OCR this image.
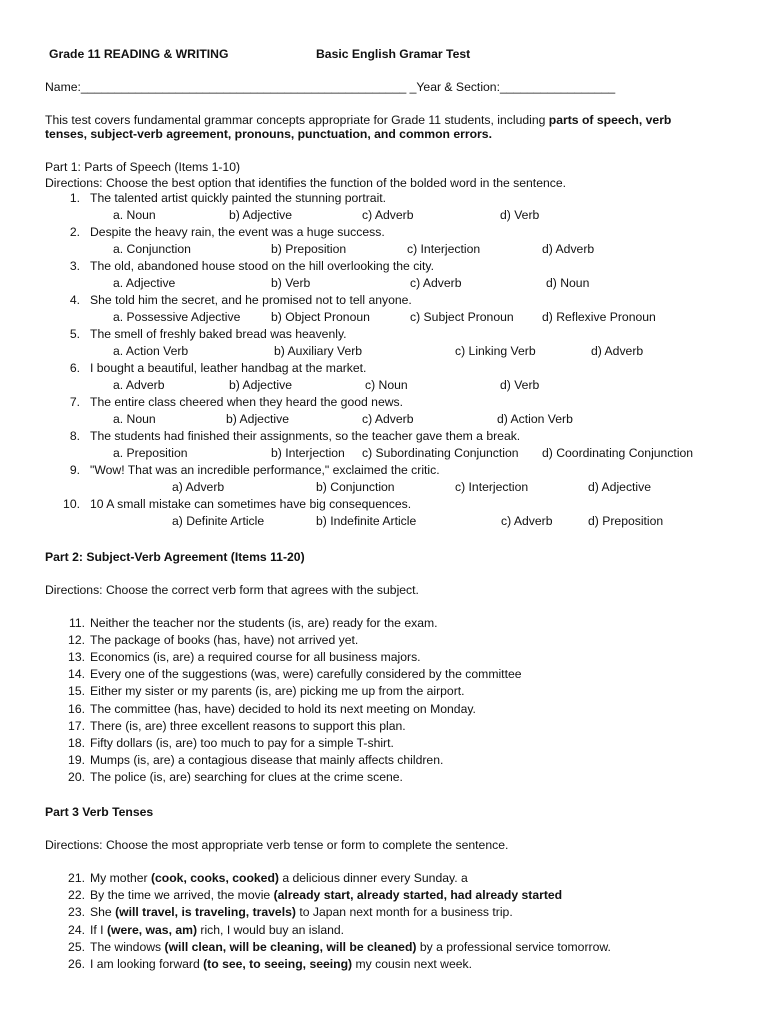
Grade 11 READING & WRITING	Basic English Gramar Test
Name:________________________________________________ _Year & Section:_________________
This test covers fundamental grammar concepts appropriate for Grade 11 students, including parts of speech, verb
tenses, subject-verb agreement, pronouns, punctuation, and common errors.
Part 1: Parts of Speech (Items 1-10)
Directions: Choose the best option that identifies the function of the bolded word in the sentence.
1. The talented artist quickly painted the stunning portrait.
a. Noun	b) Adjective	c) Adverb	d) Verb
2. Despite the heavy rain, the event was a huge success.
a. Conjunction	b) Preposition	c) Interjection	d) Adverb
3. The old, abandoned house stood on the hill overlooking the city.
a. Adjective	b) Verb	c) Adverb	d) Noun
4. She told him the secret, and he promised not to tell anyone.
a. Possessive Adjective	b) Object Pronoun	c) Subject Pronoun d) Reflexive Pronoun
5. The smell of freshly baked bread was heavenly.
a. Action Verb	b) Auxiliary Verb	c) Linking Verb	d) Adverb
6. I bought a beautiful, leather handbag at the market.
a. Adverb	b) Adjective	c) Noun	d) Verb
7. The entire class cheered when they heard the good news.
a. Noun	b) Adjective	c) Adverb	d) Action Verb
8. The students had finished their assignments, so the teacher gave them a break.
a. Preposition	b) Interjection c) Subordinating Conjunction d) Coordinating Conjunction
9. "Wow! That was an incredible performance," exclaimed the critic.
a) Adverb	b) Conjunction	c) Interjection	d) Adjective
10. 10 A small mistake can sometimes have big consequences.
a) Definite Article	b) Indefinite Article	c) Adverb	d) Preposition
Part 2: Subject-Verb Agreement (Items 11-20)
Directions: Choose the correct verb form that agrees with the subject.
11. Neither the teacher nor the students (is, are) ready for the exam.
12. The package of books (has, have) not arrived yet.
13. Economics (is, are) a required course for all business majors.
14. Every one of the suggestions (was, were) carefully considered by the committee
15. Either my sister or my parents (is, are) picking me up from the airport.
16. The committee (has, have) decided to hold its next meeting on Monday.
17. There (is, are) three excellent reasons to support this plan.
18. Fifty dollars (is, are) too much to pay for a simple T-shirt.
19. Mumps (is, are) a contagious disease that mainly affects children.
20. The police (is, are) searching for clues at the crime scene.
Part 3 Verb Tenses
Directions: Choose the most appropriate verb tense or form to complete the sentence.
21. My mother (cook, cooks, cooked) a delicious dinner every Sunday. a
22. By the time we arrived, the movie (already start, already started, had already started
23. She (will travel, is traveling, travels) to Japan next month for a business trip.
24. If I (were, was, am) rich, I would buy an island.
25. The windows (will clean, will be cleaning, will be cleaned) by a professional service tomorrow.
26. I am looking forward (to see, to seeing, seeing) my cousin next week.
